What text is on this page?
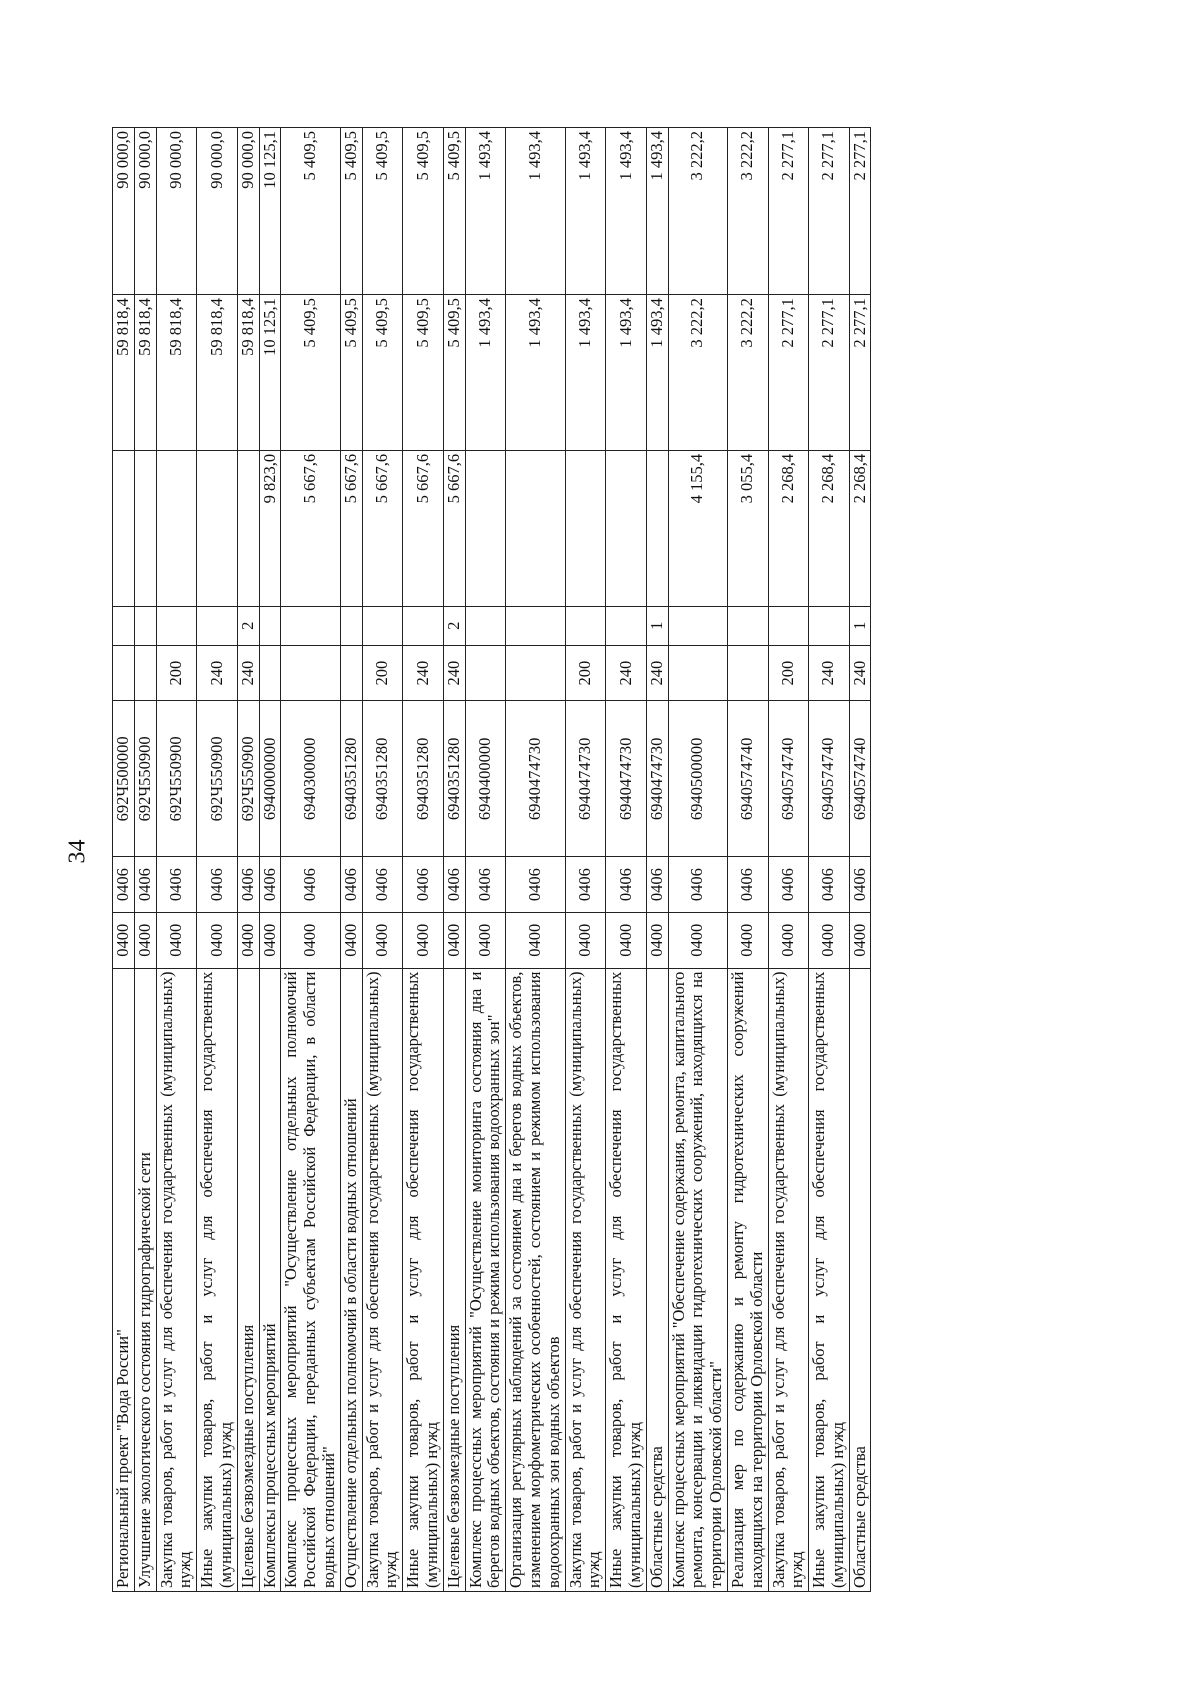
34
Региональный проект "Вода России"	0400	0406	692Ч500000				59 818,4	90 000,0
Улучшение экологического состояния гидрографической сети	0400	0406	692Ч550900				59 818,4	90 000,0
Закупка товаров, работ и услуг для обеспечения государственных (муниципальных) нужд	0400	0406	692Ч550900	200			59 818,4	90 000,0
Иные закупки товаров, работ и услуг для обеспечения государственных (муниципальных) нужд	0400	0406	692Ч550900	240			59 818,4	90 000,0
Целевые безвозмездные поступления	0400	0406	692Ч550900	240	2		59 818,4	90 000,0
Комплексы процессных мероприятий	0400	0406	6940000000			9 823,0	10 125,1	10 125,1
Комплекс процессных мероприятий "Осуществление отдельных полномочий Российской Федерации, переданных субъектам Российской Федерации, в области водных отношений"	0400	0406	6940300000			5 667,6	5 409,5	5 409,5
Осуществление отдельных полномочий в области водных отношений	0400	0406	6940351280			5 667,6	5 409,5	5 409,5
Закупка товаров, работ и услуг для обеспечения государственных (муниципальных) нужд	0400	0406	6940351280	200		5 667,6	5 409,5	5 409,5
Иные закупки товаров, работ и услуг для обеспечения государственных (муниципальных) нужд	0400	0406	6940351280	240		5 667,6	5 409,5	5 409,5
Целевые безвозмездные поступления	0400	0406	6940351280	240	2	5 667,6	5 409,5	5 409,5
Комплекс процессных мероприятий "Осуществление мониторинга состояния дна и берегов водных объектов, состояния и режима использования водоохранных зон"	0400	0406	6940400000				1 493,4	1 493,4
Организация регулярных наблюдений за состоянием дна и берегов водных объектов, изменением морфометрических особенностей, состоянием и режимом использования водоохранных зон водных объектов	0400	0406	6940474730				1 493,4	1 493,4
Закупка товаров, работ и услуг для обеспечения государственных (муниципальных) нужд	0400	0406	6940474730	200			1 493,4	1 493,4
Иные закупки товаров, работ и услуг для обеспечения государственных (муниципальных) нужд	0400	0406	6940474730	240			1 493,4	1 493,4
Областные средства	0400	0406	6940474730	240	1		1 493,4	1 493,4
Комплекс процессных мероприятий "Обеспечение содержания, ремонта, капитального ремонта, консервации и ликвидации гидротехнических сооружений, находящихся на территории Орловской области"	0400	0406	6940500000			4 155,4	3 222,2	3 222,2
Реализация мер по содержанию и ремонту гидротехнических сооружений находящихся на территории Орловской области	0400	0406	6940574740			3 055,4	3 222,2	3 222,2
Закупка товаров, работ и услуг для обеспечения государственных (муниципальных) нужд	0400	0406	6940574740	200		2 268,4	2 277,1	2 277,1
Иные закупки товаров, работ и услуг для обеспечения государственных (муниципальных) нужд	0400	0406	6940574740	240		2 268,4	2 277,1	2 277,1
Областные средства	0400	0406	6940574740	240	1	2 268,4	2 277,1	2 277,1
